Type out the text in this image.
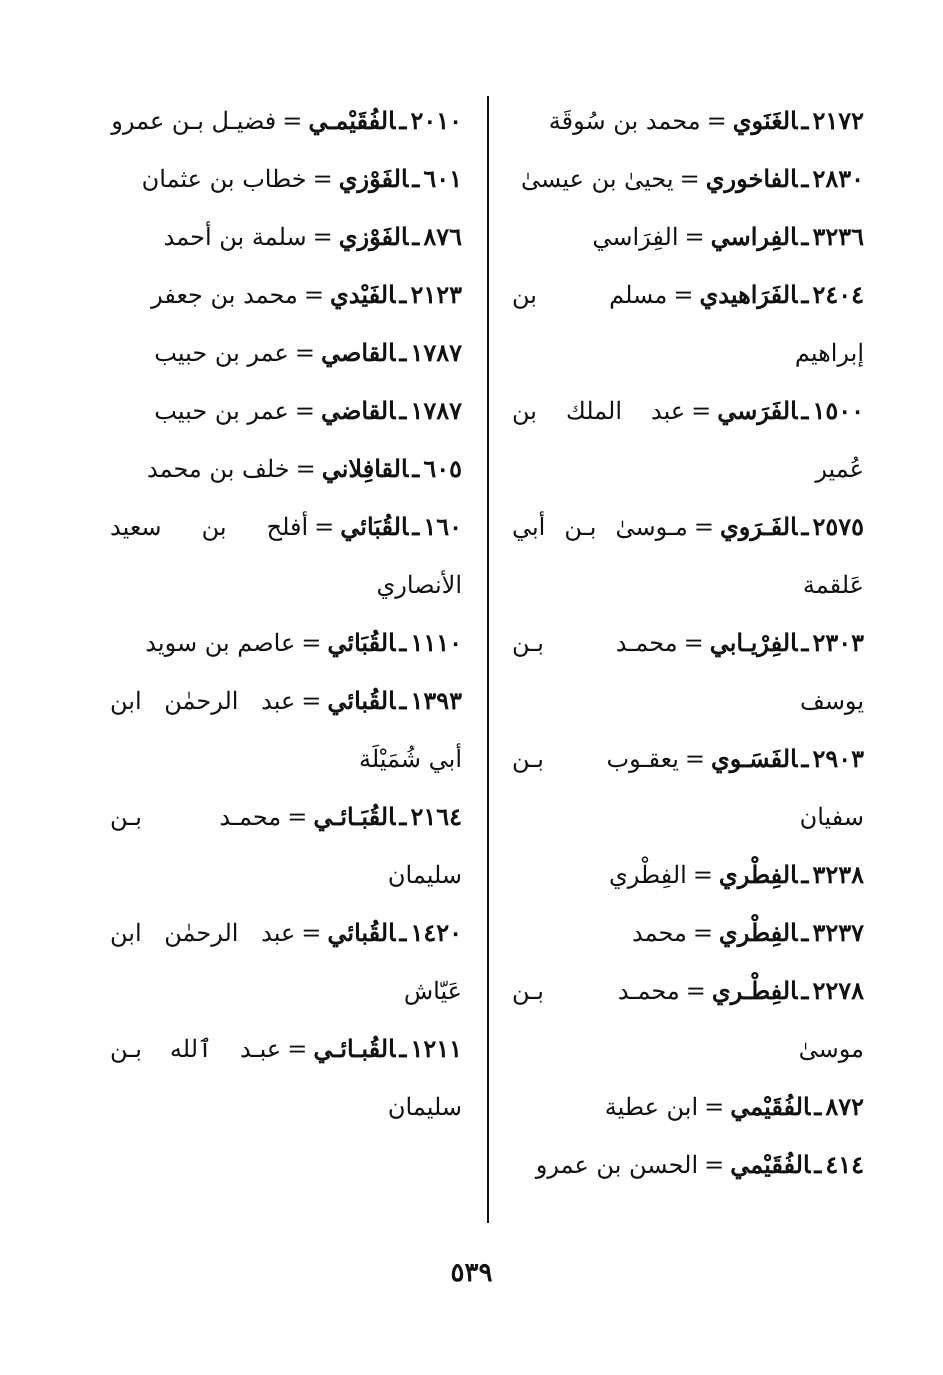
٢١٧٢ـالغَنَوي=محمد بن سُوقَة
٢٨٣٠ـالفاخوري=يحيىٰ بن عيسىٰ
٣٢٣٦ـالفِراسي=الفِرَاسي
٢٤٠٤ـالفَرَاهيدي=مسلم بن إبراهيم
١٥٠٠ـالفَرَسي=عبد الملك بن عُمير
٢٥٧٥ـالفَـرَوي=مـوسىٰ بـن أبي عَلقمة
٢٣٠٣ـالفِرْيـابي=محمـد بـن يوسف
٢٩٠٣ـالفَسَـوي=يعقـوب بـن سفيان
٣٢٣٨ـالفِطْري=الفِطْري
٣٢٣٧ـالفِطْري=محمد
٢٢٧٨ـالفِطْـري=محمـد بـن موسىٰ
٨٧٢ـالفُقَيْمي=ابن عطية
٤١٤ـالفُقَيْمي=الحسن بن عمرو
٢٠١٠ـالفُقَيْمـي=فضيـل بـن عمرو
٦٠١ـالفَوْزي=خطاب بن عثمان
٨٧٦ـالفَوْزي=سلمة بن أحمد
٢١٢٣ـالفَيْدي=محمد بن جعفر
١٧٨٧ـالقاصي=عمر بن حبيب
١٧٨٧ـالقاضي=عمر بن حبيب
٦٠٥ـالقافِلاني=خلف بن محمد
١٦٠ـالقُبَائي=أفلح بن سعيد الأنصاري
١١١٠ـالقُبَائي=عاصم بن سويد
١٣٩٣ـالقُبائي=عبد الرحمٰن ابن أبي شُمَيْلَة
٢١٦٤ـالقُبَـائـي=محمـد بـن سليمان
١٤٢٠ـالقُبائي=عبد الرحمٰن ابن عَيّاش
١٢١١ـالقُبـائـي=عبـد ٱلله بـن سليمان
٥٣٩
